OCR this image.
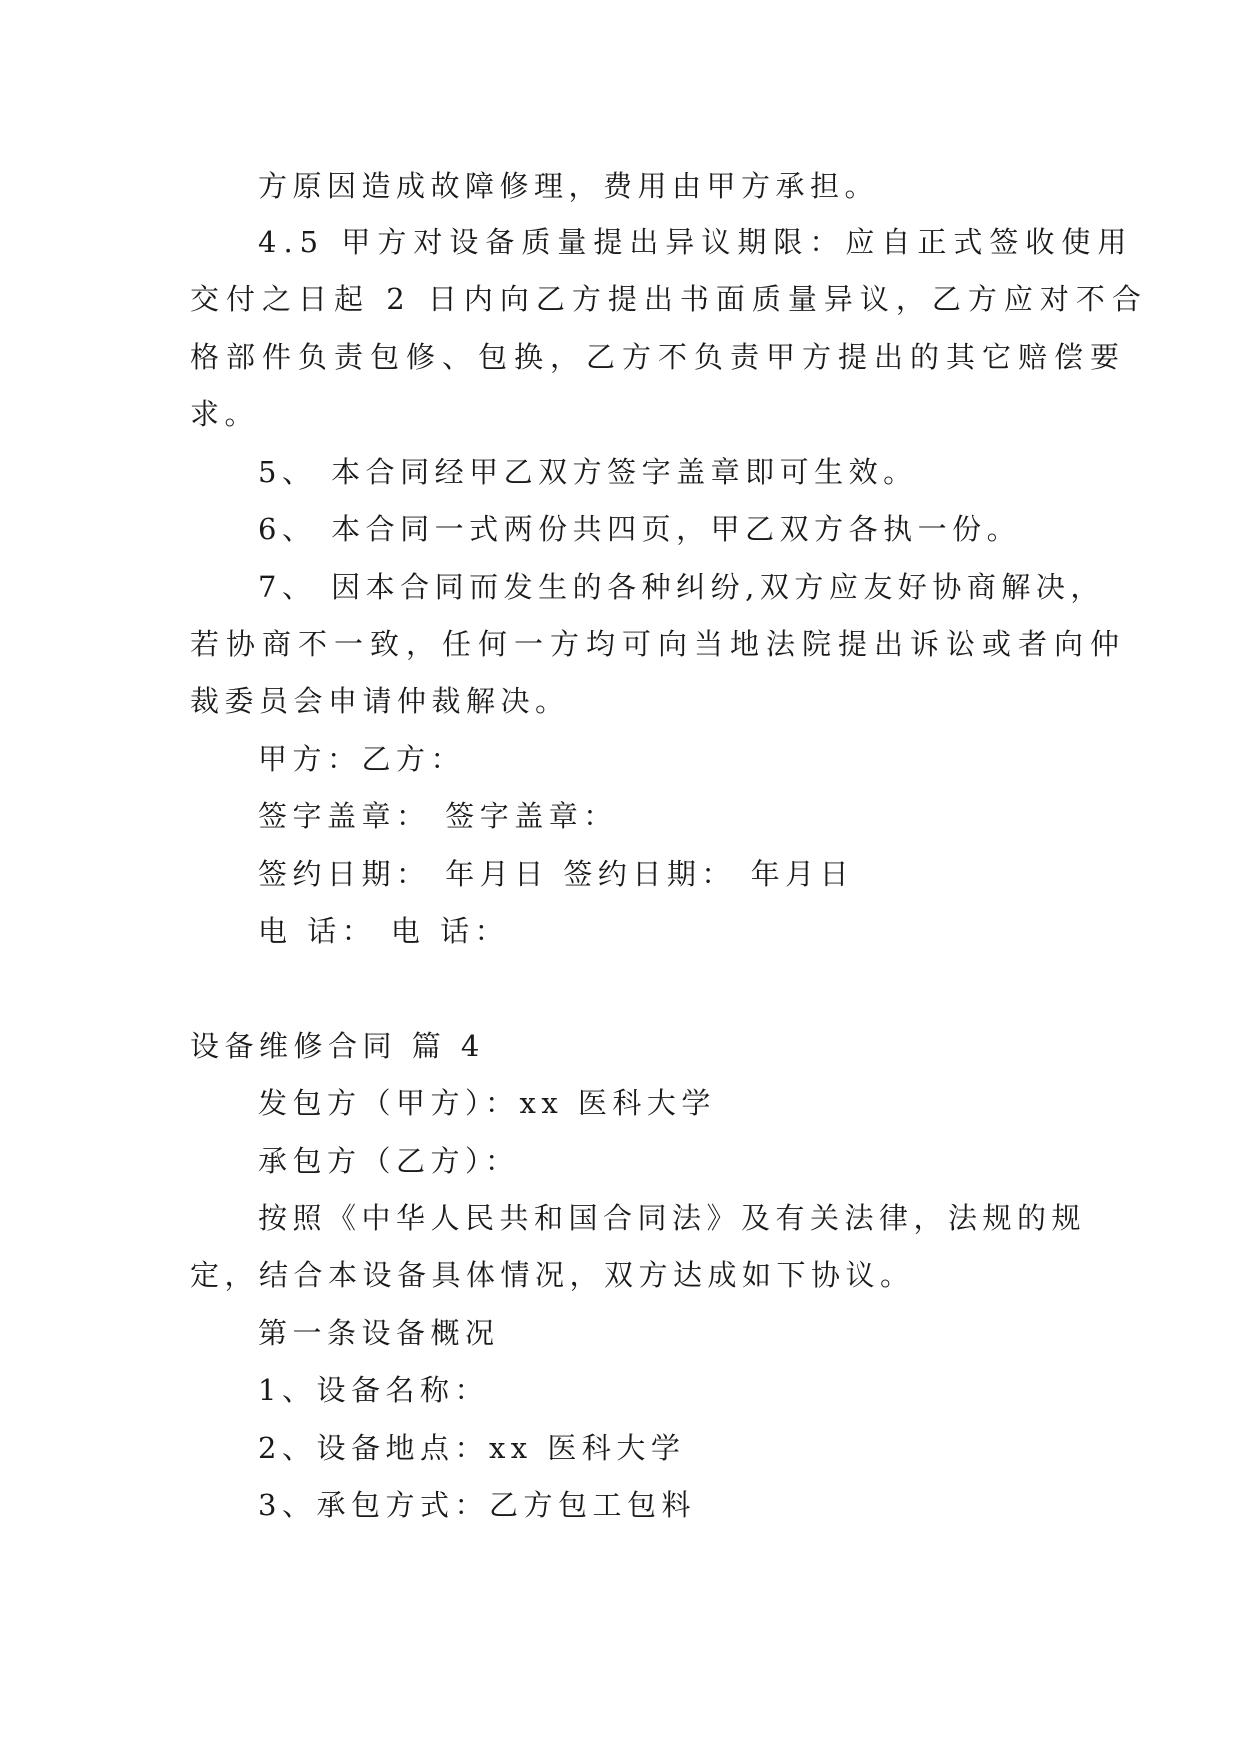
方原因造成故障修理，费用由甲方承担。

4.5 甲方对设备质量提出异议期限：应自正式签收使用

交付之日起 2 日内向乙方提出书面质量异议，乙方应对不合

格部件负责包修、包换，乙方不负责甲方提出的其它赔偿要

求。

5、 本合同经甲乙双方签字盖章即可生效。

6、 本合同一式两份共四页，甲乙双方各执一份。

7、 因本合同而发生的各种纠纷,双方应友好协商解决，

若协商不一致，任何一方均可向当地法院提出诉讼或者向仲

裁委员会申请仲裁解决。

甲方：乙方：

签字盖章： 签字盖章：

签约日期： 年月日 签约日期： 年月日

电 话： 电 话：

设备维修合同 篇 4

发包方（甲方）：xx 医科大学

承包方（乙方）：

按照《中华人民共和国合同法》及有关法律，法规的规

定，结合本设备具体情况，双方达成如下协议。

第一条设备概况

1、设备名称：

2、设备地点：xx 医科大学

3、承包方式：乙方包工包料
